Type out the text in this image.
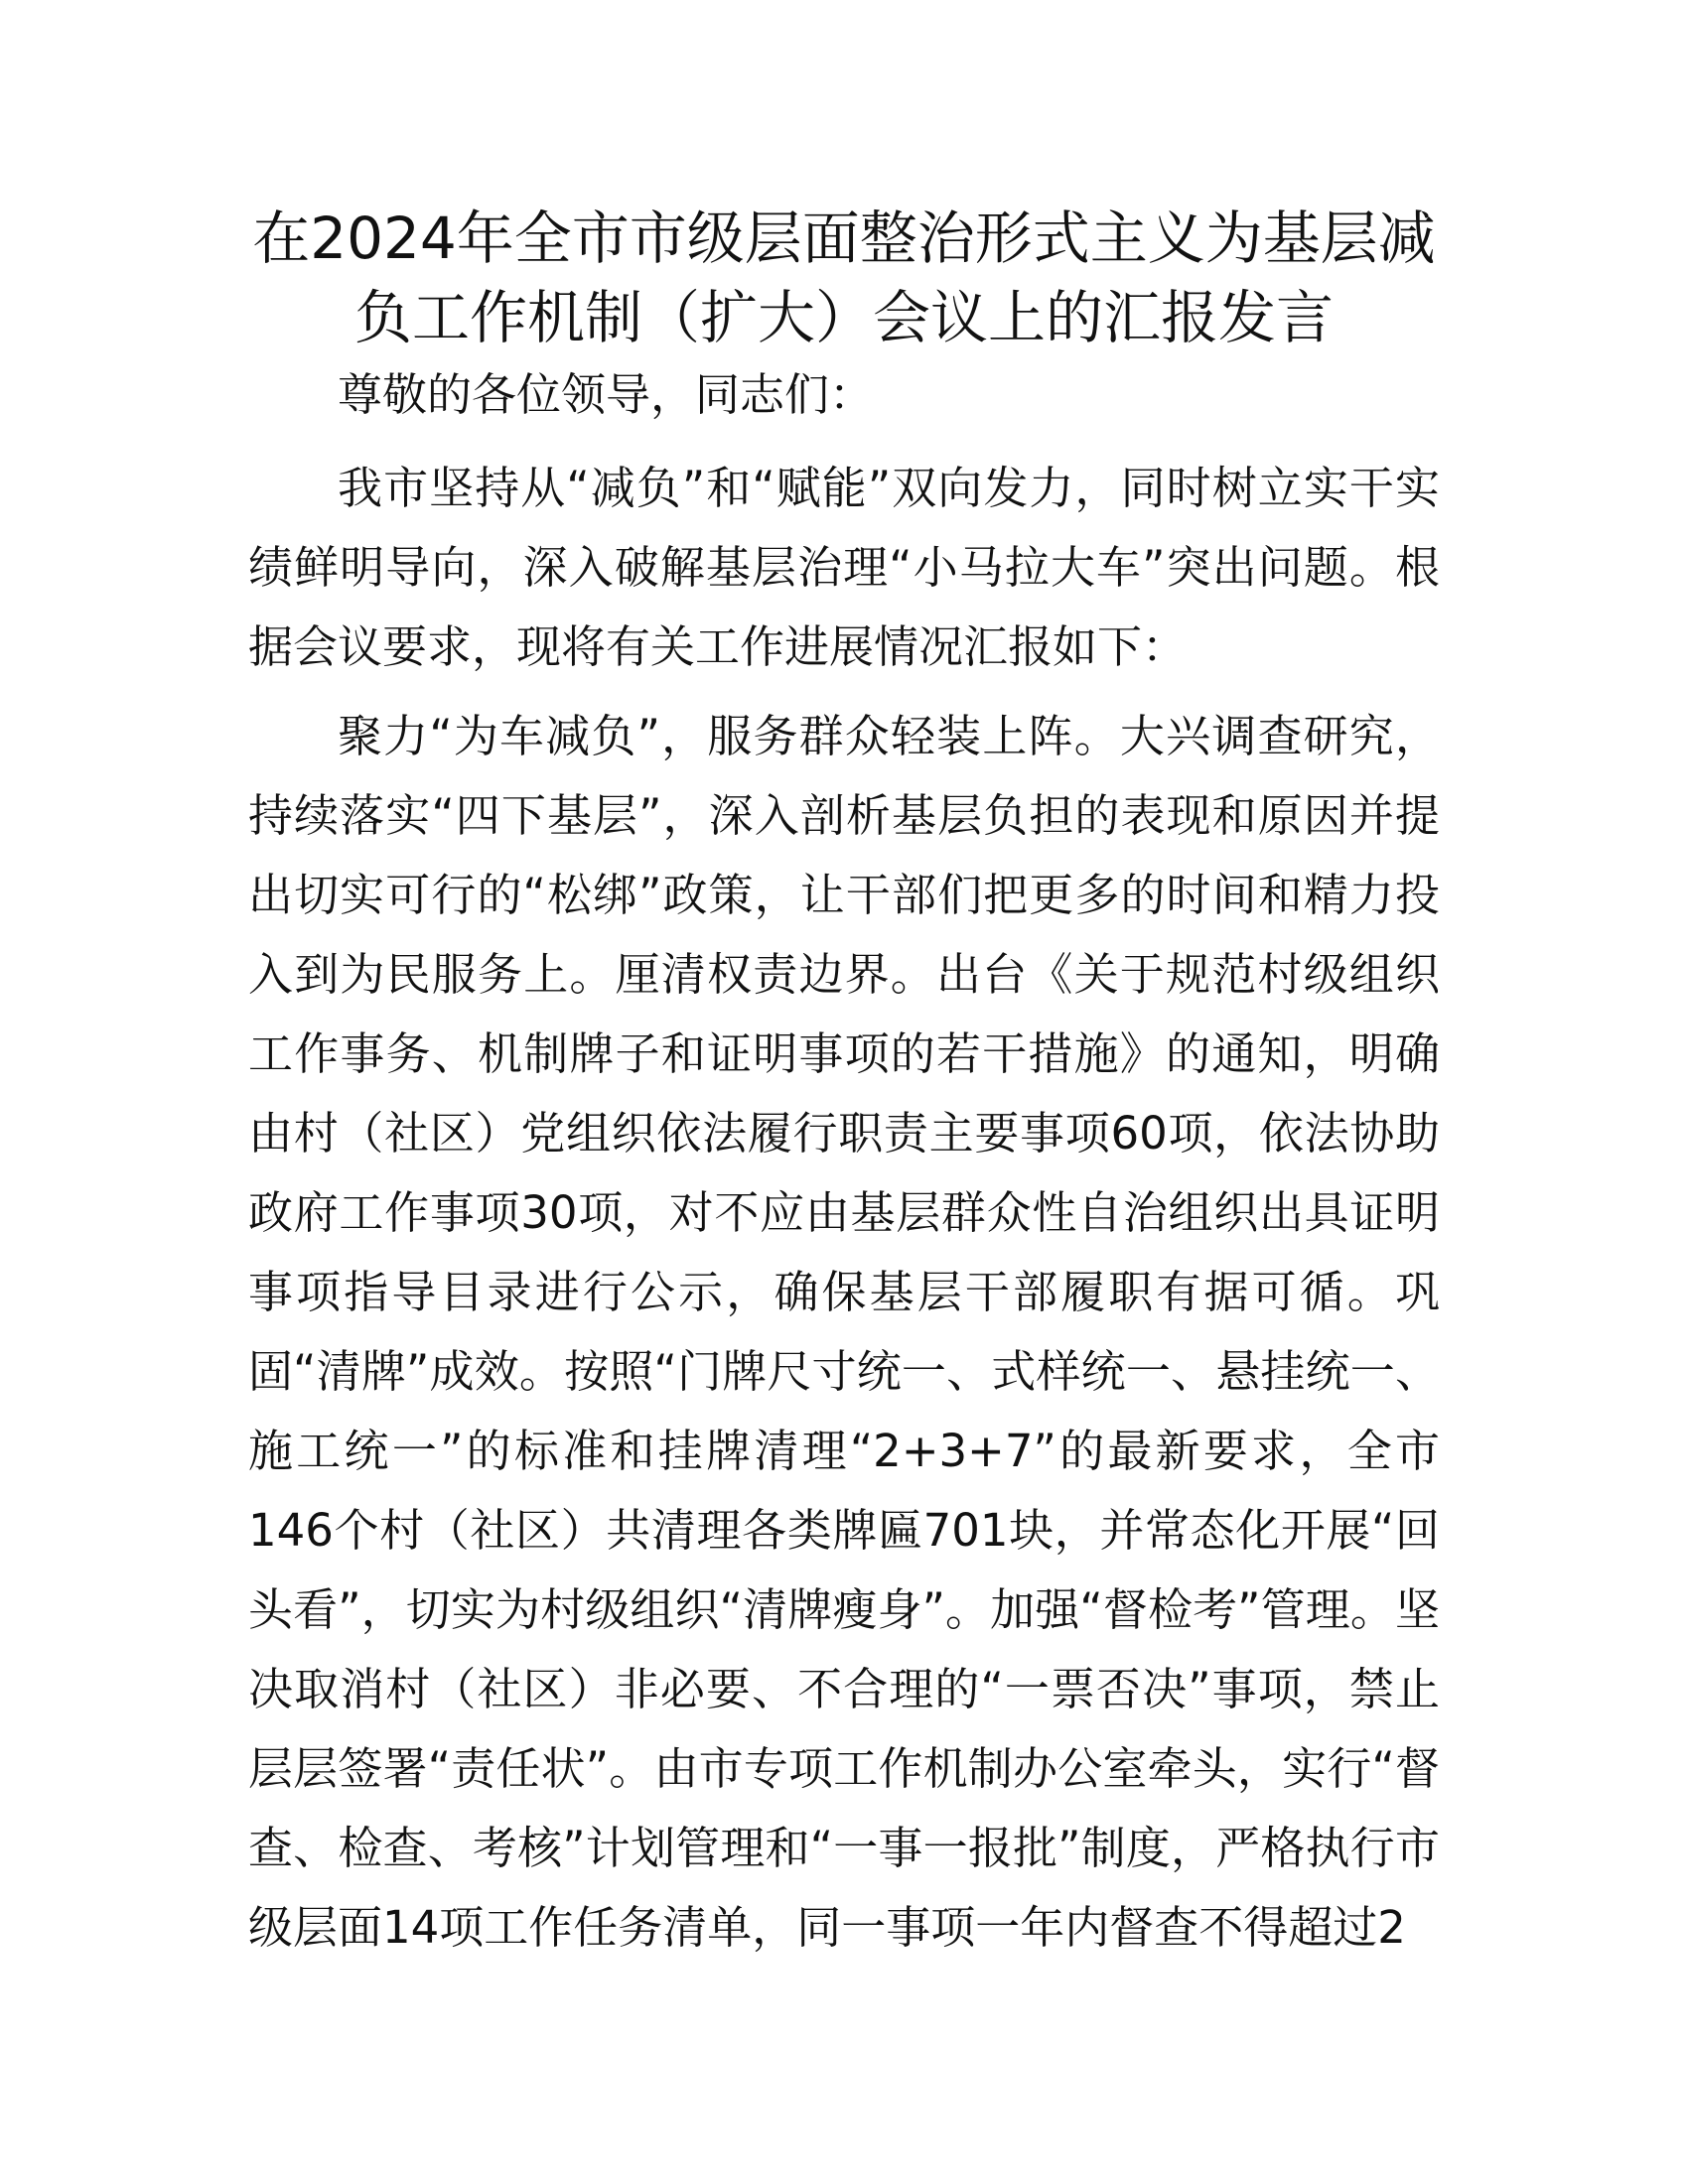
在2024年全市市级层面整治形式主义为基层减负工作机制（扩大）会议上的汇报发言

尊敬的各位领导，同志们：

我市坚持从“减负”和“赋能”双向发力，同时树立实干实绩鲜明导向，深入破解基层治理“小马拉大车”突出问题。根据会议要求，现将有关工作进展情况汇报如下：

聚力“为车减负”，服务群众轻装上阵。大兴调查研究，持续落实“四下基层”，深入剖析基层负担的表现和原因并提出切实可行的“松绑”政策，让干部们把更多的时间和精力投入到为民服务上。厘清权责边界。出台《关于规范村级组织工作事务、机制牌子和证明事项的若干措施》的通知，明确由村（社区）党组织依法履行职责主要事项60项，依法协助政府工作事项30项，对不应由基层群众性自治组织出具证明事项指导目录进行公示，确保基层干部履职有据可循。巩固“清牌”成效。按照“门牌尺寸统一、式样统一、悬挂统一、施工统一”的标准和挂牌清理“2+3+7”的最新要求，全市146个村（社区）共清理各类牌匾701块，并常态化开展“回头看”，切实为村级组织“清牌瘦身”。加强“督检考”管理。坚决取消村（社区）非必要、不合理的“一票否决”事项，禁止层层签署“责任状”。由市专项工作机制办公室牵头，实行“督查、检查、考核”计划管理和“一事一报批”制度，严格执行市级层面14项工作任务清单，同一事项一年内督查不得超过2
